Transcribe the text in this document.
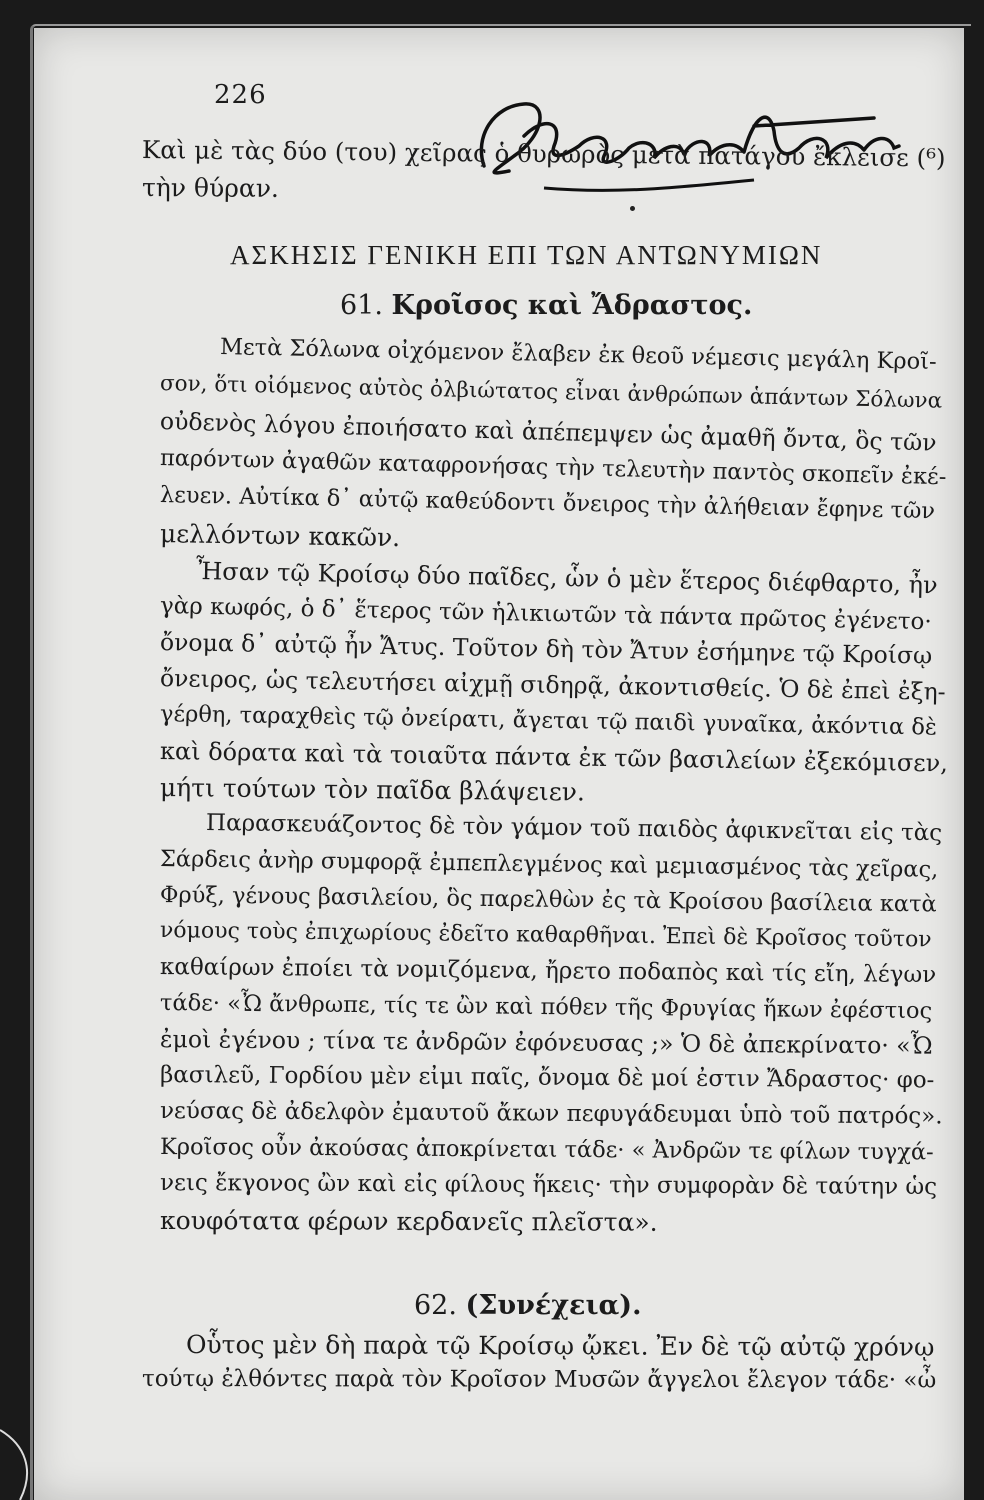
226
Καὶ μὲ τὰς δύο (του) χεῖρας ὁ θυρωρὸς μετὰ πατάγου ἔκλεισε (⁶)
τὴν θύραν.
ΑΣΚΗΣΙΣ ΓΕΝΙΚΗ ΕΠΙ ΤΩΝ ΑΝΤΩΝΥΜΙΩΝ
61. Κροῖσος καὶ Ἄδραστος.
Μετὰ Σόλωνα οἰχόμενον ἔλαβεν ἐκ θεοῦ νέμεσις μεγάλη Κροῖ-
σον, ὅτι οἰόμενος αὐτὸς ὀλβιώτατος εἶναι ἀνθρώπων ἁπάντων Σόλωνα
οὐδενὸς λόγου ἐποιήσατο καὶ ἀπέπεμψεν ὡς ἀμαθῆ ὄντα, ὃς τῶν
παρόντων ἀγαθῶν καταφρονήσας τὴν τελευτὴν παντὸς σκοπεῖν ἐκέ-
λευεν. Αὐτίκα δ᾽ αὐτῷ καθεύδοντι ὄνειρος τὴν ἀλήθειαν ἔφηνε τῶν
μελλόντων κακῶν.
Ἦσαν τῷ Κροίσῳ δύο παῖδες, ὧν ὁ μὲν ἕτερος διέφθαρτο, ἦν
γὰρ κωφός, ὁ δ᾽ ἕτερος τῶν ἡλικιωτῶν τὰ πάντα πρῶτος ἐγένετο·
ὄνομα δ᾽ αὐτῷ ἦν Ἄτυς. Τοῦτον δὴ τὸν Ἄτυν ἐσήμηνε τῷ Κροίσῳ
ὄνειρος, ὡς τελευτήσει αἰχμῇ σιδηρᾷ, ἀκοντισθείς. Ὁ δὲ ἐπεὶ ἐξη-
γέρθη, ταραχθεὶς τῷ ὀνείρατι, ἄγεται τῷ παιδὶ γυναῖκα, ἀκόντια δὲ
καὶ δόρατα καὶ τὰ τοιαῦτα πάντα ἐκ τῶν βασιλείων ἐξεκόμισεν,
μήτι τούτων τὸν παῖδα βλάψειεν.
Παρασκευάζοντος δὲ τὸν γάμον τοῦ παιδὸς ἀφικνεῖται εἰς τὰς
Σάρδεις ἀνὴρ συμφορᾷ ἐμπεπλεγμένος καὶ μεμιασμένος τὰς χεῖρας,
Φρύξ, γένους βασιλείου, ὃς παρελθὼν ἐς τὰ Κροίσου βασίλεια κατὰ
νόμους τοὺς ἐπιχωρίους ἐδεῖτο καθαρθῆναι. Ἐπεὶ δὲ Κροῖσος τοῦτον
καθαίρων ἐποίει τὰ νομιζόμενα, ἤρετο ποδαπὸς καὶ τίς εἴη, λέγων
τάδε· «Ὦ ἄνθρωπε, τίς τε ὢν καὶ πόθεν τῆς Φρυγίας ἥκων ἐφέστιος
ἐμοὶ ἐγένου ; τίνα τε ἀνδρῶν ἐφόνευσας ;» Ὁ δὲ ἀπεκρίνατο· «Ὦ
βασιλεῦ, Γορδίου μὲν εἰμι παῖς, ὄνομα δὲ μοί ἐστιν Ἄδραστος· φο-
νεύσας δὲ ἀδελφὸν ἐμαυτοῦ ἄκων πεφυγάδευμαι ὑπὸ τοῦ πατρός».
Κροῖσος οὖν ἀκούσας ἀποκρίνεται τάδε· « Ἀνδρῶν τε φίλων τυγχά-
νεις ἔκγονος ὢν καὶ εἰς φίλους ἥκεις· τὴν συμφορὰν δὲ ταύτην ὡς
κουφότατα φέρων κερδανεῖς πλεῖστα».
62. (Συνέχεια).
Οὗτος μὲν δὴ παρὰ τῷ Κροίσῳ ᾤκει. Ἐν δὲ τῷ αὐτῷ χρόνῳ
τούτῳ ἐλθόντες παρὰ τὸν Κροῖσον Μυσῶν ἄγγελοι ἔλεγον τάδε· «ὦ
